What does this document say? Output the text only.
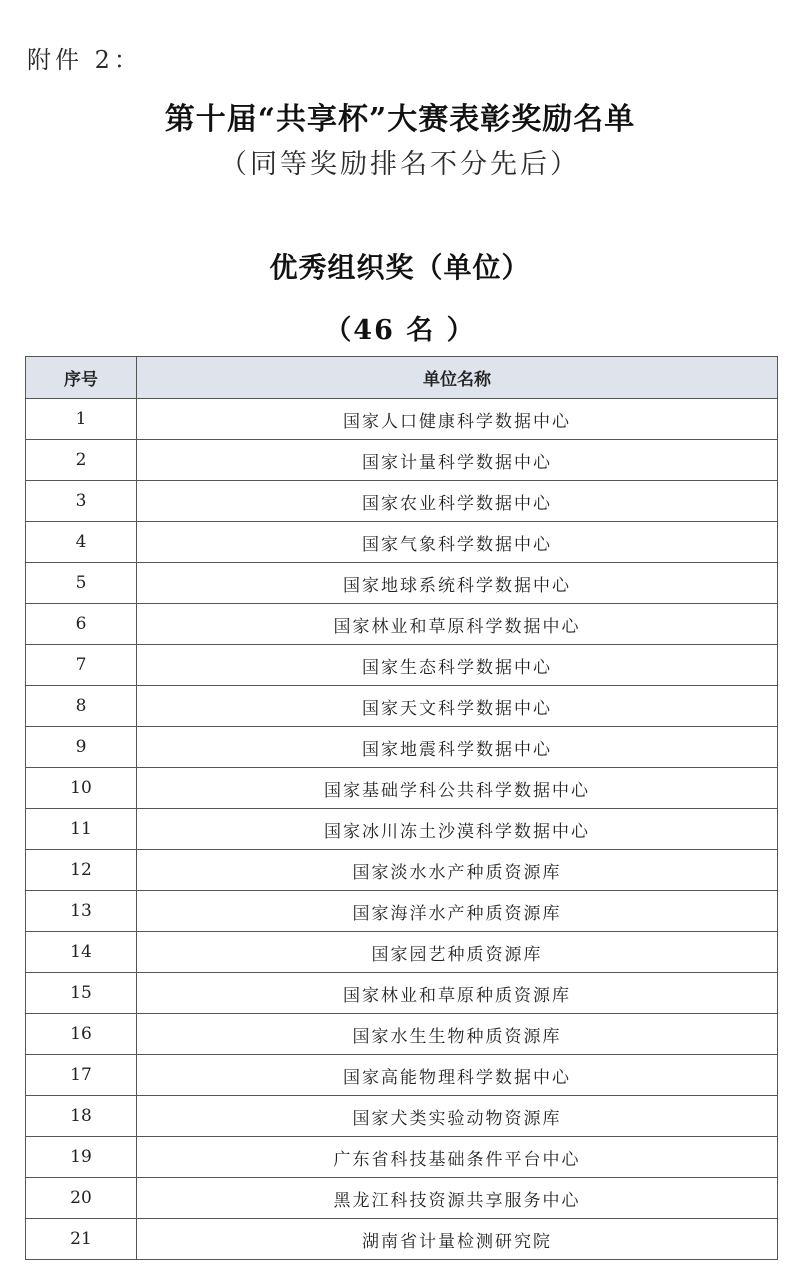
附件 2：
第十届“共享杯”大赛表彰奖励名单
（同等奖励排名不分先后）
优秀组织奖（单位）
（46 名 ）
序号	单位名称
1	国家人口健康科学数据中心
2	国家计量科学数据中心
3	国家农业科学数据中心
4	国家气象科学数据中心
5	国家地球系统科学数据中心
6	国家林业和草原科学数据中心
7	国家生态科学数据中心
8	国家天文科学数据中心
9	国家地震科学数据中心
10	国家基础学科公共科学数据中心
11	国家冰川冻土沙漠科学数据中心
12	国家淡水水产种质资源库
13	国家海洋水产种质资源库
14	国家园艺种质资源库
15	国家林业和草原种质资源库
16	国家水生生物种质资源库
17	国家高能物理科学数据中心
18	国家犬类实验动物资源库
19	广东省科技基础条件平台中心
20	黑龙江科技资源共享服务中心
21	湖南省计量检测研究院
